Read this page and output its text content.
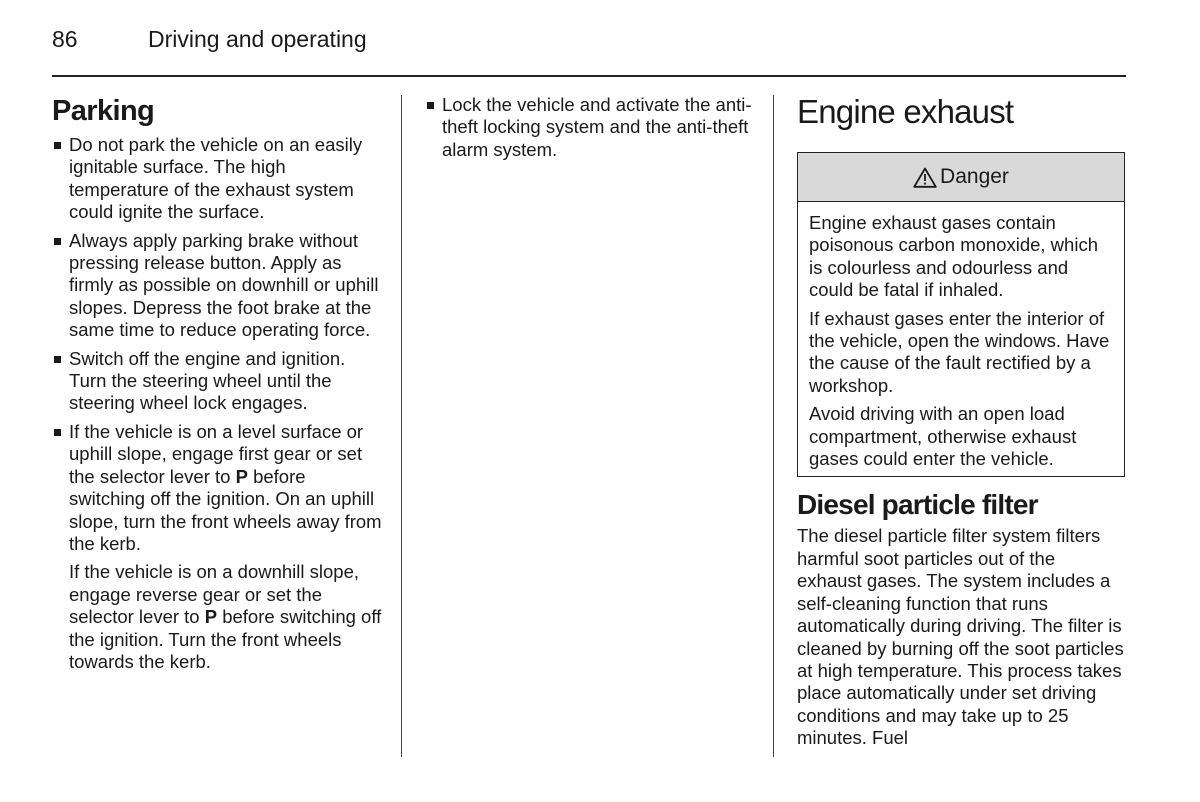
86	Driving and operating
Parking
Do not park the vehicle on an easily ignitable surface. The high temperature of the exhaust system could ignite the surface.
Always apply parking brake without pressing release button. Apply as firmly as possible on downhill or uphill slopes. Depress the foot brake at the same time to reduce operating force.
Switch off the engine and ignition. Turn the steering wheel until the steering wheel lock engages.
If the vehicle is on a level surface or uphill slope, engage first gear or set the selector lever to P before switching off the ignition. On an uphill slope, turn the front wheels away from the kerb.

If the vehicle is on a downhill slope, engage reverse gear or set the selector lever to P before switching off the ignition. Turn the front wheels towards the kerb.

Lock the vehicle and activate the anti-theft locking system and the anti-theft alarm system.
Engine exhaust
Danger

Engine exhaust gases contain poisonous carbon monoxide, which is colourless and odourless and could be fatal if inhaled.

If exhaust gases enter the interior of the vehicle, open the windows. Have the cause of the fault rectified by a workshop.

Avoid driving with an open load compartment, otherwise exhaust gases could enter the vehicle.

Diesel particle filter

The diesel particle filter system filters harmful soot particles out of the exhaust gases. The system includes a self-cleaning function that runs automatically during driving. The filter is cleaned by burning off the soot particles at high temperature. This process takes place automatically under set driving conditions and may take up to 25 minutes. Fuel
